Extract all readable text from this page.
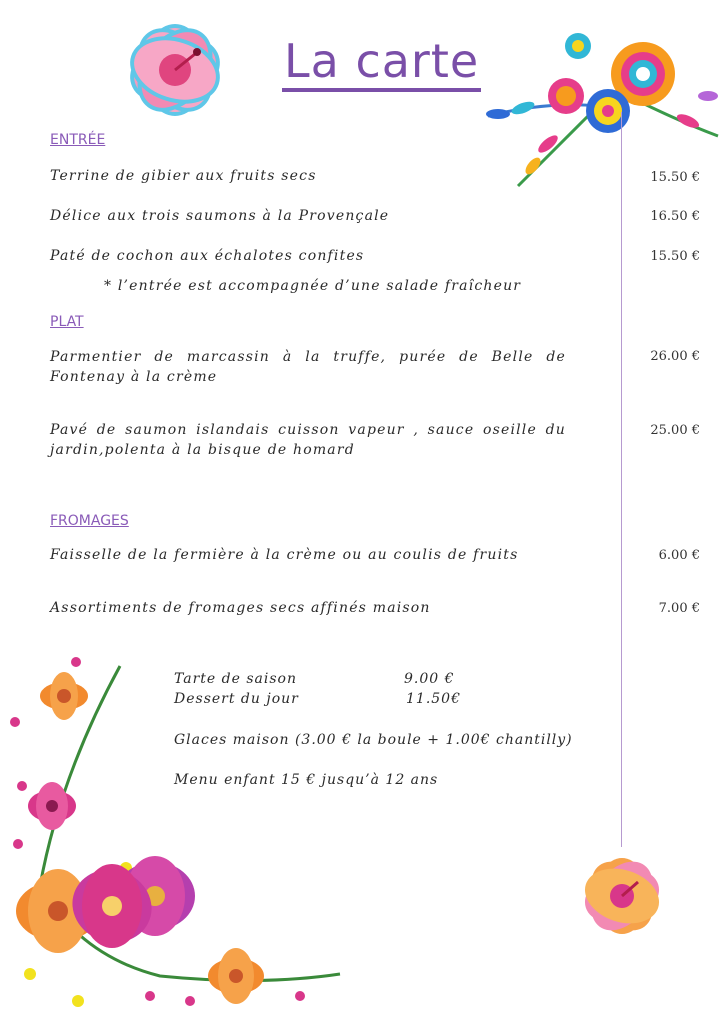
La carte
ENTRÉE
Terrine de gibier aux fruits secs	15.50 €
Délice aux trois saumons à la Provençale	16.50 €
Paté de cochon aux échalotes confites	15.50 €
* l’entrée est accompagnée d’une salade fraîcheur
PLAT
Parmentier de marcassin à la truffe, purée de Belle de Fontenay à la crème
26.00 €
Pavé de saumon islandais cuisson vapeur , sauce oseille du jardin,polenta à la bisque de homard
25.00 €
FROMAGES
Faisselle de la fermière à la crème ou au coulis de fruits	6.00 €
Assortiments de fromages secs affinés maison	7.00 €
Tarte de saison	9.00 €
Dessert du jour	11.50€
Glaces maison (3.00 € la boule + 1.00€ chantilly)
Menu enfant 15 € jusqu’à 12 ans
